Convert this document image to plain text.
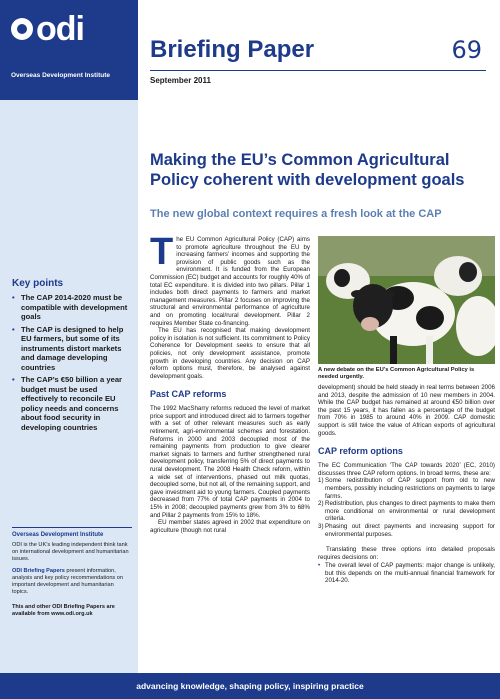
odi
Overseas Development Institute
Briefing Paper	69
September 2011
Key points
• The CAP 2014-2020 must be compatible with development goals
• The CAP is designed to help EU farmers, but some of its instruments distort markets and damage developing countries
• The CAP’s €50 billion a year budget must be used effectively to reconcile EU policy needs and concerns about food security in developing countries
Overseas Development Institute
ODI is the UK’s leading independent think tank on international development and humanitarian issues.
ODI Briefing Papers present information, analysis and key policy recommendations on important development and humanitarian topics.
This and other ODI Briefing Papers are available from www.odi.org.uk
Making the EU’s Common Agricultural Policy coherent with development goals
The new global context requires a fresh look at the CAP
T he EU Common Agricultural Policy (CAP) aims to promote agriculture throughout the EU by increasing farmers’ incomes and supporting the provision of public goods such as the environment. It is funded from the European Commission (EC) budget and accounts for roughly 40% of total EC expenditure. It is divided into two pillars. Pillar 1 includes both direct payments to farmers and market management measures. Pillar 2 focuses on improving the structural and environmental performance of agriculture and on promoting local/rural development. Pillar 2 requires Member State co-financing.

The EU has recognised that making development policy in isolation is not sufficient. Its commitment to Policy Coherence for Development seeks to ensure that all policies, not only development assistance, promote growth in developing countries. Any decision on CAP reform options must, therefore, be analysed against development goals.

Past CAP reforms

The 1992 MacSharry reforms reduced the level of market price support and introduced direct aid to farmers together with a set of other relevant measures such as early retirement, agri-environmental schemes and forestation. Reforms in 2000 and 2003 decoupled most of the remaining payments from production to give clearer market signals to farmers and further strengthened rural development policy, transferring 5% of direct payments to rural development. The 2008 Health Check reform, within a wide set of interventions, phased out milk quotas, decoupled some, but not all, of the remaining support, and gave investment aid to young farmers. Coupled payments decreased from 77% of total CAP payments in 2004 to 15% in 2008; decoupled payments grew from 3% to 68% and Pillar 2 payments from 15% to 18%.

EU member states agreed in 2002 that expenditure on agriculture (though not rural

A new debate on the EU’s Common Agricultural Policy is needed urgently.

development) should be held steady in real terms between 2006 and 2013, despite the admission of 10 new members in 2004. While the CAP budget has remained at around €50 billion over the past 15 years, it has fallen as a percentage of the budget from 70% in 1985 to around 40% in 2009. CAP domestic support is still twice the value of African exports of agricultural goods.

CAP reform options

The EC Communication ‘The CAP towards 2020’ (EC, 2010) discusses three CAP reform options. In broad terms, these are:

1) Some redistribution of CAP support from old to new members, possibly including restrictions on payments to large farms.
2) Redistribution, plus changes to direct payments to make them more conditional on environmental or rural development criteria.
3) Phasing out direct payments and increasing support for environmental purposes.

Translating these three options into detailed proposals requires decisions on:

• The overall level of CAP payments: major change is unlikely, but this depends on the multi-annual financial framework for 2014-20.
advancing knowledge, shaping policy, inspiring practice
